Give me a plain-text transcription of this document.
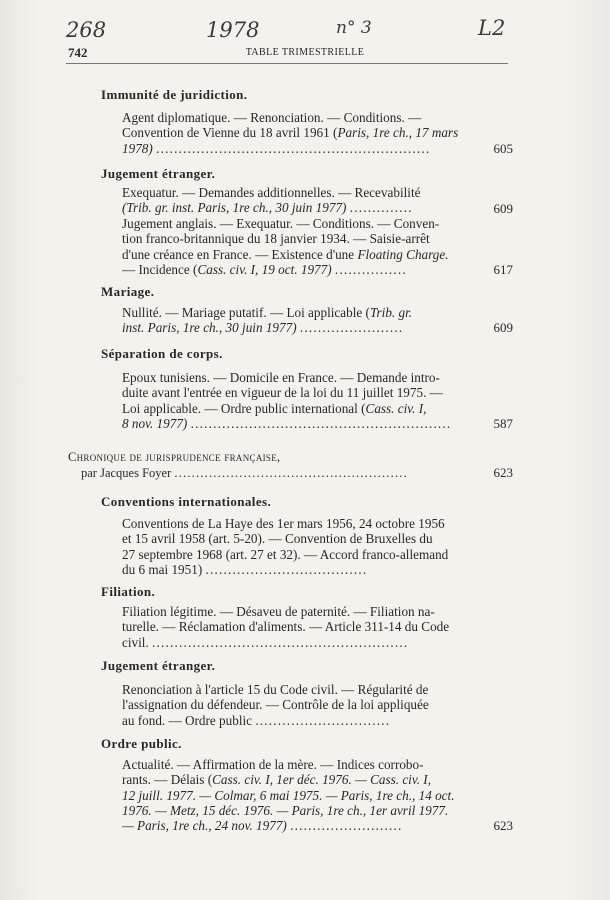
268	1978	n° 3	L2
742	TABLE TRIMESTRIELLE
Immunité de juridiction.
Agent diplomatique. — Renonciation. — Conditions. —
Convention de Vienne du 18 avril 1961 (Paris, 1re ch., 17 mars
1978) .............................................................	605
Jugement étranger.
Exequatur. — Demandes additionnelles. — Recevabilité
(Trib. gr. inst. Paris, 1re ch., 30 juin 1977) ..............	609
Jugement anglais. — Exequatur. — Conditions. — Conven-
tion franco-britannique du 18 janvier 1934. — Saisie-arrêt
d'une créance en France. — Existence d'une Floating Charge.
— Incidence (Cass. civ. I, 19 oct. 1977) ................	617
Mariage.
Nullité. — Mariage putatif. — Loi applicable (Trib. gr.
inst. Paris, 1re ch., 30 juin 1977) .......................	609
Séparation de corps.
Epoux tunisiens. — Domicile en France. — Demande intro-
duite avant l'entrée en vigueur de la loi du 11 juillet 1975. —
Loi applicable. — Ordre public international (Cass. civ. I,
8 nov. 1977) ..........................................................	587
Chronique de jurisprudence française,
par Jacques Foyer ......................................................	623
Conventions internationales.
Conventions de La Haye des 1er mars 1956, 24 octobre 1956
et 15 avril 1958 (art. 5-20). — Convention de Bruxelles du
27 septembre 1968 (art. 27 et 32). — Accord franco-allemand
du 6 mai 1951) ....................................
Filiation.
Filiation légitime. — Désaveu de paternité. — Filiation na-
turelle. — Réclamation d'aliments. — Article 311-14 du Code
civil. .........................................................
Jugement étranger.
Renonciation à l'article 15 du Code civil. — Régularité de
l'assignation du défendeur. — Contrôle de la loi appliquée
au fond. — Ordre public ..............................
Ordre public.
Actualité. — Affirmation de la mère. — Indices corrobo-
rants. — Délais (Cass. civ. I, 1er déc. 1976. — Cass. civ. I,
12 juill. 1977. — Colmar, 6 mai 1975. — Paris, 1re ch., 14 oct.
1976. — Metz, 15 déc. 1976. — Paris, 1re ch., 1er avril 1977.
— Paris, 1re ch., 24 nov. 1977) .........................	623
